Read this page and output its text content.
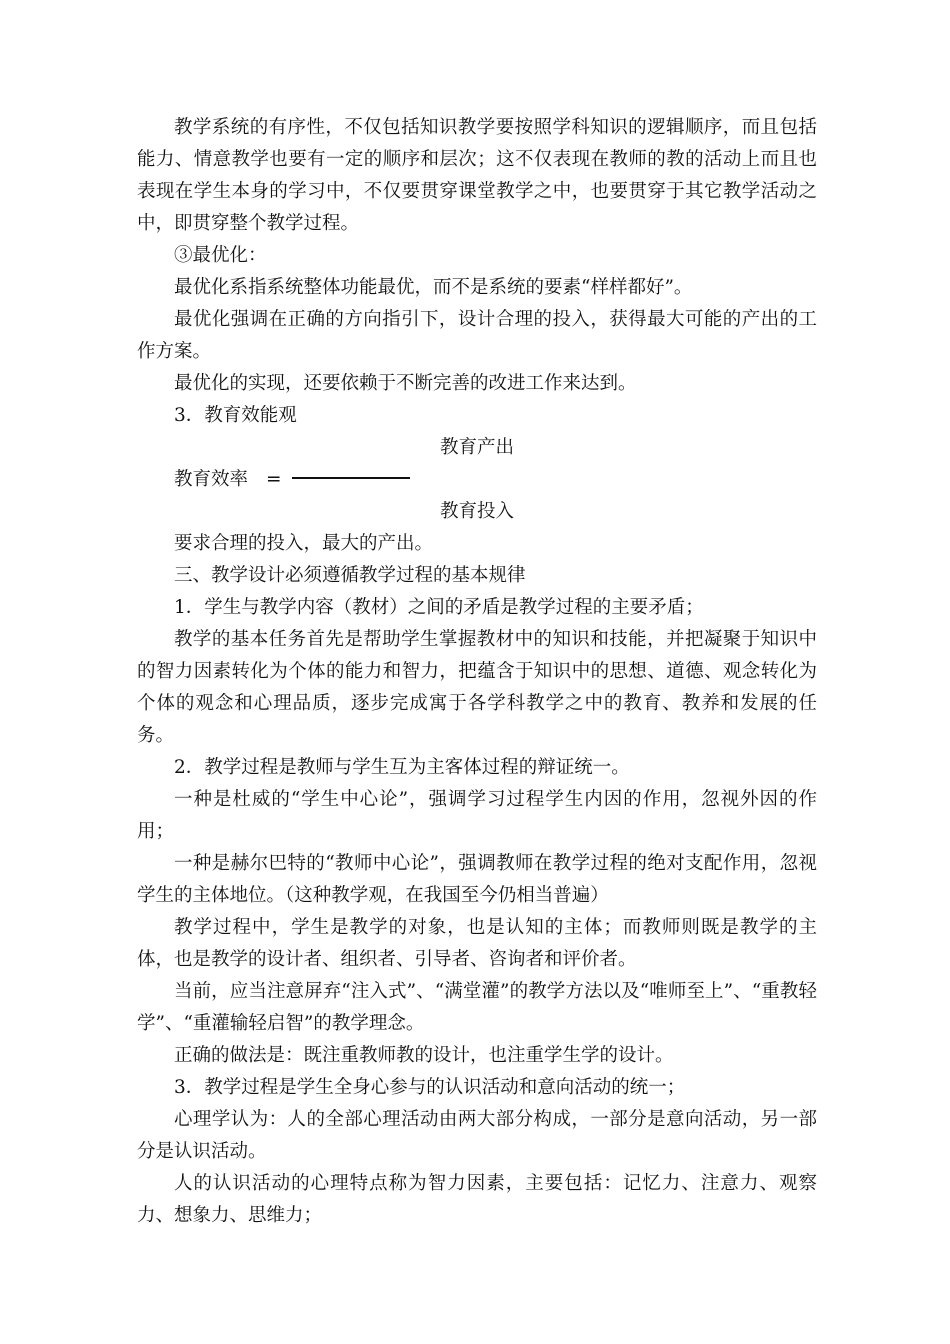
教学系统的有序性，不仅包括知识教学要按照学科知识的逻辑顺序，而且包括能力、情意教学也要有一定的顺序和层次；这不仅表现在教师的教的活动上而且也表现在学生本身的学习中，不仅要贯穿课堂教学之中，也要贯穿于其它教学活动之中，即贯穿整个教学过程。

③最优化：

最优化系指系统整体功能最优，而不是系统的要素“样样都好”。

最优化强调在正确的方向指引下，设计合理的投入，获得最大可能的产出的工作方案。

最优化的实现，还要依赖于不断完善的改进工作来达到。

3．教育效能观

教育产出

教育效率 =

教育投入

要求合理的投入，最大的产出。

三、教学设计必须遵循教学过程的基本规律

1．学生与教学内容（教材）之间的矛盾是教学过程的主要矛盾；

教学的基本任务首先是帮助学生掌握教材中的知识和技能，并把凝聚于知识中的智力因素转化为个体的能力和智力，把蕴含于知识中的思想、道德、观念转化为个体的观念和心理品质，逐步完成寓于各学科教学之中的教育、教养和发展的任务。

2．教学过程是教师与学生互为主客体过程的辩证统一。

一种是杜威的“学生中心论”，强调学习过程学生内因的作用，忽视外因的作用；

一种是赫尔巴特的“教师中心论”，强调教师在教学过程的绝对支配作用，忽视学生的主体地位。（这种教学观，在我国至今仍相当普遍）

教学过程中，学生是教学的对象，也是认知的主体；而教师则既是教学的主体，也是教学的设计者、组织者、引导者、咨询者和评价者。

当前，应当注意屏弃“注入式”、“满堂灌”的教学方法以及“唯师至上”、“重教轻学”、“重灌输轻启智”的教学理念。

正确的做法是：既注重教师教的设计，也注重学生学的设计。

3．教学过程是学生全身心参与的认识活动和意向活动的统一；

心理学认为：人的全部心理活动由两大部分构成，一部分是意向活动，另一部分是认识活动。

人的认识活动的心理特点称为智力因素，主要包括：记忆力、注意力、观察力、想象力、思维力；
